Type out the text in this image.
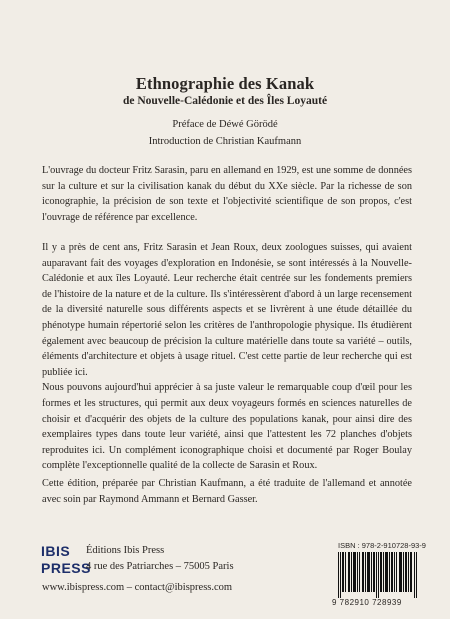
Ethnographie des Kanak
de Nouvelle-Calédonie et des Îles Loyauté
Préface de Déwé Görödé
Introduction de Christian Kaufmann
L'ouvrage du docteur Fritz Sarasin, paru en allemand en 1929, est une somme de données sur la culture et sur la civilisation kanak du début du XXe siècle. Par la richesse de son iconographie, la précision de son texte et l'objectivité scientifique de son propos, c'est l'ouvrage de référence par excellence.
Il y a près de cent ans, Fritz Sarasin et Jean Roux, deux zoologues suisses, qui avaient auparavant fait des voyages d'exploration en Indonésie, se sont intéressés à la Nouvelle-Calédonie et aux îles Loyauté. Leur recherche était centrée sur les fondements premiers de l'histoire de la nature et de la culture. Ils s'intéressèrent d'abord à un large recensement de la diversité naturelle sous différents aspects et se livrèrent à une étude détaillée du phénotype humain répertorié selon les critères de l'anthropologie physique. Ils étudièrent également avec beaucoup de précision la culture matérielle dans toute sa variété – outils, éléments d'architecture et objets à usage rituel. C'est cette partie de leur recherche qui est publiée ici.
Nous pouvons aujourd'hui apprécier à sa juste valeur le remarquable coup d'œil pour les formes et les structures, qui permit aux deux voyageurs formés en sciences naturelles de choisir et d'acquérir des objets de la culture des populations kanak, pour ainsi dire des exemplaires types dans toute leur variété, ainsi que l'attestent les 72 planches d'objets reproduites ici. Un complément iconographique choisi et documenté par Roger Boulay complète l'exceptionnelle qualité de la collecte de Sarasin et Roux.
Cette édition, préparée par Christian Kaufmann, a été traduite de l'allemand et annotée avec soin par Raymond Ammann et Bernard Gasser.
IBIS
PRESS
Éditions Ibis Press
4 rue des Patriarches – 75005 Paris
www.ibispress.com – contact@ibispress.com
ISBN : 978-2-910728-93-9
9 782910 728939
